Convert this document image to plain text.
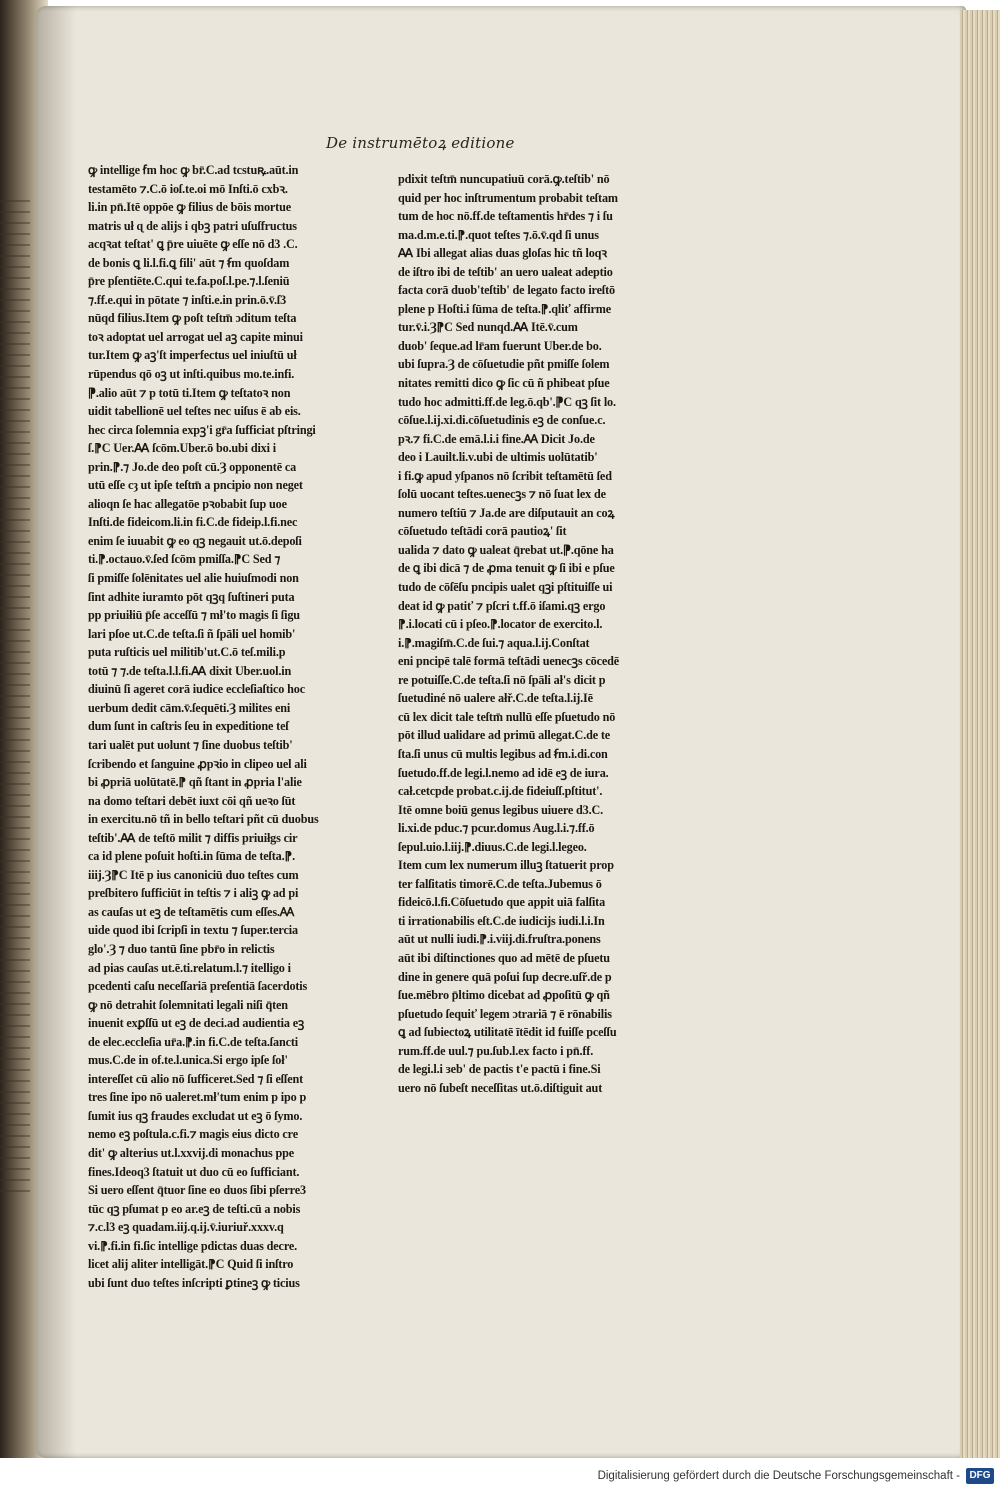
De instrumētoꝝ editione

ꝙ intellige ẜm hoc ꝙ br̄.C.ad tcstuꝶ.aūt.in
testamēto ⁊.C.ō ioſ.te.oi mō Inſti.ō cxbꝛ.
li.in pn̄.Itē oppōe ꝙ filius de bōis mortue
matris uł ɋ de alijs i qbꝫ patri uſuſfructus
acqꝛat teſtat' ꝗ p̄re uiuēte ꝙ eſſe nō d3 .C.
de bonis ꝗ li.l.fi.ꝗ fili' aūt ⁊ ẜm quoſdam
p̄re pſentiēte.C.qui te.fa.poſ.l.pe.⁊.l.ſeniū
⁊.ff.e.qui in pōtate ⁊ inſti.e.in prin.ō.v̄.ſ3
nūqd filius.Item ꝙ poſt teſtm̄ ɔditum teſta
toꝛ adoptat uel arrogat uel aꝫ capite minui
tur.Item ꝙ aꝫ'ſt imperfectus uel iniuſtū uł
rūpendus qō oꝫ ut inſti.quibus mo.te.infi.
⁋.alio aūt ⁊ p totū ti.Item ꝙ teſtatoꝛ non
uidit tabellionē uel teſtes nec uiſus ē ab eis.
hec circa ſolemnia expꝫ'i gr̄a ſufficiat pſtringi
ſ.⁋C Uer.Ꜳ ſcōm.Uber.ō bo.ubi dixi i
prin.⁋.⁊ Jo.de deo poſt cū.Ȝ opponentē ca
utū eſſe cȝ ut ipſe teſtm̄ a pncipio non neget
alioqn ſe hac allegatōe pꝛobabit ſup uoe
Inſti.de fideicom.li.in fi.C.de fideip.l.fi.nec
enim ſe iuuabit ꝙ eo qꝫ negauit ut.ō.depoſi
ti.⁋.octauo.v̄.ſed ſcōm pmiſſa.⁋C Sed ⁊
ſi pmiſſe ſolēnitates uel alie huiuſmodi non
ſint adhite iuramto pōt qꝫq ſuſtineri puta
pp priuiłiū p̄ſe acceſſū ⁊ mł'to magis ſi ſigu
lari pſoe ut.C.de teſta.ſi ñ ſpāli uel homib'
puta ruſticis uel militib'ut.C.ō teſ.mili.p
totū ⁊ ⁊.de teſta.l.l.fi.Ꜳ dixit Uber.uol.in
diuinū ſi ageret corā iudice eccleſiaſtico hoc
uerbum dedit cām.v̄.ſequēti.Ȝ milites eni
dum ſunt in caſtris ſeu in expeditione teſ
tari ualēt put uolunt ⁊ ſine duobus teſtib'
ſcribendo et ſanguine ꝓpꝛio in clipeo uel ali
bi ꝓpriā uolūtatē.⁋ qñ ſtant in ꝓpria l'alie
na domo teſtari debēt iuxt cōi qñ ueꝛo ſūt
in exercitu.nō tñ in bello teſtari pñt cū duobus
teſtib'.Ꜳ de teſtō milit ⁊ diffis priuiłgs cir
ca id plene poſuit hoſti.in ſūma de teſta.⁋.
iiij.Ȝ⁋C Itē p ius canoniciū duo teſtes cum
preſbitero ſufficiūt in teſtis ⁊ i aliꝫ ꝙ ad pi
as cauſas ut eꝫ de teſtamētis cum eſſes.Ꜳ
uide quod ibi ſcripſi in textu ⁊ ſuper.tercia
glo'.Ȝ ⁊ duo tantū ſine pbr̄o in relictis
ad pias cauſas ut.ē.ti.relatum.l.⁊ itelligo i
pcedenti caſu neceſſariā preſentiā ſacerdotis
ꝙ nō detrahit ſolemnitati legali niſi q̄ten
inuenit exꝑſſū ut eꝫ de deci.ad audientia eꝫ
de elec.eccleſia ur̄a.⁋.in fi.C.de teſta.ſancti
mus.C.de in of.te.l.unica.Si ergo ipſe ſoł'
intereſſet cū alio nō ſufficeret.Sed ⁊ ſi eſſent
tres ſine ipo nō ualeret.mł'tum enim p ipo p
ſumit ius qꝫ fraudes excludat ut eꝫ ō ſymo.
nemo eꝫ poſtula.c.fi.⁊ magis eius dicto cre
dit' ꝙ alterius ut.l.xxvij.di monachus ppe
fines.Ideoq3 ſtatuit ut duo cū eo ſufficiant.
Si uero eſſent q̄tuor ſine eo duos ſibi pſerre3
tūc qꝫ pſumat p eo ar.eꝫ de teſti.cū a nobis
⁊.c.l3 eꝫ quadam.iij.q.ij.v̄.iuriuř.xxxv.q
vi.⁋.fi.in fi.ſic intellige pdictas duas decre.
licet alij aliter intelligāt.⁋C Quid ſi inſtro
ubi ſunt duo teſtes inſcripti ꝑtineꝫ ꝙ ticius
pdixit teſtm̄ nuncupatiuū corā.ꝙ.teſtib' nō
quid per hoc inſtrumentum probabit teſtam
tum de hoc nō.ff.de teſtamentis hr̄des ⁊ i ſu
ma.d.m.e.ti.⁋.quot teſtes ⁊.ō.v̄.qd ſi unus
Ꜳ Ibi allegat alias duas gloſas hic tñ loqꝛ
de iſtro ibi de teſtib' an uero ualeat adeptio
facta corā duob'teſtib' de legato facto ireſtō
plene p Hoſti.i ſūma de teſta.⁋.qliť affirme
tur.v̄.i.Ȝ⁋C Sed nunqd.Ꜳ Itē.v̄.cum
duob' ſeque.ad lr̄am fuerunt Uber.de bo.
ubi ſupra.Ȝ de cōſuetudie pñt pmiſſe ſolem
nitates remitti dico ꝙ ſic cū ñ phibeat pſue
tudo hoc admitti.ff.de leg.ō.qb'.⁋C qꝫ ſit lo.
cōſue.l.ij.xi.di.cōſuetudinis eꝫ de conſue.c.
pꝛ.⁊ fi.C.de emā.l.i.i fine.Ꜳ Dicit Jo.de
deo i Lauilt.li.v.ubi de ultimis uolūtatib'
i fi.ꝙ apud yſpanos nō ſcribit teſtamētū ſed
ſolū uocant teſtes.uenecꝫs ⁊ nō ſuat lex de
numero teſtiū ⁊ Ja.de are diſputauit an coꝝ
cōſuetudo teſtādi corā pautioꝝ' ſit
ualida ⁊ dato ꝙ ualeat q̄rebat ut.⁋.qōne ha
de ꝗ ibi dicā ⁊ de ꝓma tenuit ꝙ ſi ibi e pſue
tudo de cōſēſu pncipis ualet qꝫi pſtituiſſe ui
deat id ꝙ patiť ⁊ pſcri t.ff.ō iſami.qꝫ ergo
⁋.i.locati cū i pſeo.⁋.locator de exercito.l.
i.⁋.magiſm̄.C.de ſui.⁊ aqua.l.ij.Conſtat
eni pncipē talē formā teſtādi uenecꝫs cōcedē
re potuiſſe.C.de teſta.ſi nō ſpāli ał's dicit p
ſuetudiné nō ualere ałř.C.de teſta.l.ij.Iē
cū lex dicit tale teſtm̄ nullū eſſe pſuetudo nō
pōt illud ualidare ad primū allegat.C.de te
ſta.ſi unus cū multis legibus ad ẜm.i.di.con
ſuetudo.ff.de legi.l.nemo ad idē eꝫ de iura.
cał.cetcpde probat.c.ij.de fideiuſſ.pſtitut'.
Itē omne boiū genus legibus uiuere d3.C.
li.xi.de pduc.⁊ pcur.domus Aug.l.i.⁊.ff.ō
ſepul.uio.l.iij.⁋.diuus.C.de legi.l.legeo.
Item cum lex numerum illuꝫ ſtatuerit prop
ter falſitatis timorē.C.de teſta.Jubemus ō
fideicō.l.fi.Cōſuetudo que appit uiā falſita
ti irrationabilis eſt.C.de iudicijs iudi.l.i.In
aūt ut nulli iudi.⁋.i.viij.di.fruſtra.ponens
aūt ibi diſtinctiones quo ad mētē de pſuetu
dine in genere quā poſui ſup decre.uſř.de p
ſue.mēbro p̄ltimo dicebat ad ꝓpoſitū ꝙ qñ
pſuetudo ſequiť legem ɔtrariā ⁊ ē rōnabilis
ꝗ ad ſubiectoꝝ utilitatē ītēdit id fuiſſe pceſſu
rum.ff.de uul.⁊ pu.ſub.l.ex facto i pn̄.ff.
de legi.l.i ɜeb' de pactis t'e pactū i fine.Si
uero nō ſubeſt neceſſitas ut.ō.diſtiguit aut

Digitalisierung gefördert durch die Deutsche Forschungsgemeinschaft - DFG
